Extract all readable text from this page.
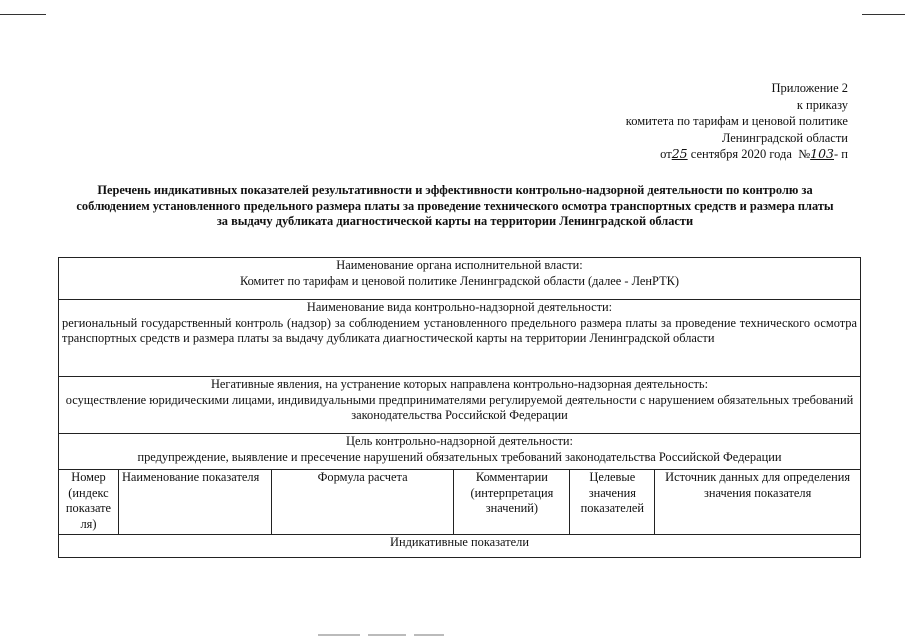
Приложение 2
к приказу
комитета по тарифам и ценовой политике
Ленинградской области
от25 сентября 2020 года №103- п
Перечень индикативных показателей результативности и эффективности контрольно-надзорной деятельности по контролю за соблюдением установленного предельного размера платы за проведение технического осмотра транспортных средств и размера платы за выдачу дубликата диагностической карты на территории Ленинградской области
Наименование органа исполнительной власти:
Комитет по тарифам и ценовой политике Ленинградской области (далее - ЛенРТК)

Наименование вида контрольно-надзорной деятельности:
региональный государственный контроль (надзор) за соблюдением установленного предельного размера платы за проведение технического осмотра транспортных средств и размера платы за выдачу дубликата диагностической карты на территории Ленинградской области

Негативные явления, на устранение которых направлена контрольно-надзорная деятельность:
осуществление юридическими лицами, индивидуальными предпринимателями регулируемой деятельности с нарушением обязательных требований законодательства Российской Федерации

Цель контрольно-надзорной деятельности:
предупреждение, выявление и пресечение нарушений обязательных требований законодательства Российской Федерации

Номер (индекс показате ля)	Наименование показателя	Формула расчета	Комментарии (интерпретация значений)	Целевые значения показателей	Источник данных для определения значения показателя
Индикативные показатели
